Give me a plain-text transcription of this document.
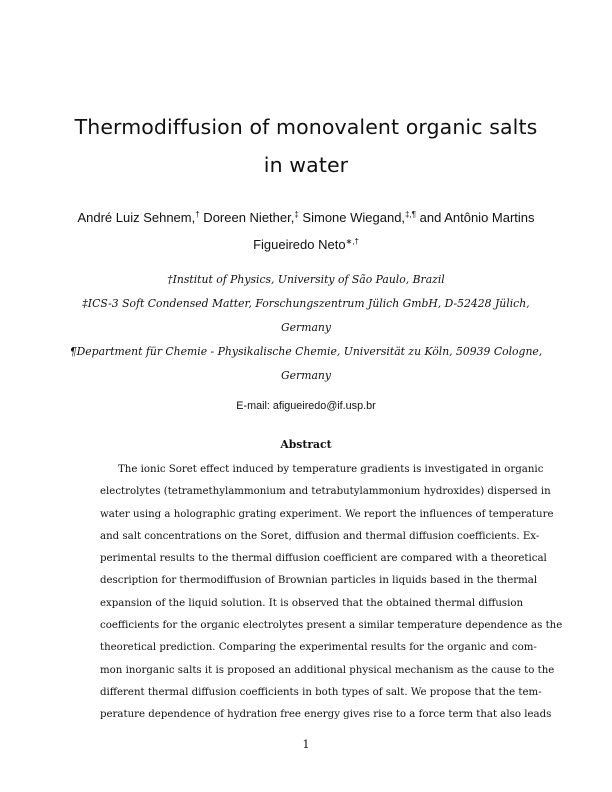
Thermodiffusion of monovalent organic salts
in water
André Luiz Sehnem,† Doreen Niether,‡ Simone Wiegand,‡,¶ and Antônio Martins
Figueiredo Neto∗,†
†Institut of Physics, University of São Paulo, Brazil
‡ICS-3 Soft Condensed Matter, Forschungszentrum Jülich GmbH, D-52428 Jülich,
Germany
¶Department für Chemie - Physikalische Chemie, Universität zu Köln, 50939 Cologne,
Germany
E-mail: afigueiredo@if.usp.br
Abstract
The ionic Soret effect induced by temperature gradients is investigated in organic
electrolytes (tetramethylammonium and tetrabutylammonium hydroxides) dispersed in
water using a holographic grating experiment. We report the influences of temperature
and salt concentrations on the Soret, diffusion and thermal diffusion coefficients. Ex-
perimental results to the thermal diffusion coefficient are compared with a theoretical
description for thermodiffusion of Brownian particles in liquids based in the thermal
expansion of the liquid solution. It is observed that the obtained thermal diffusion
coefficients for the organic electrolytes present a similar temperature dependence as the
theoretical prediction. Comparing the experimental results for the organic and com-
mon inorganic salts it is proposed an additional physical mechanism as the cause to the
different thermal diffusion coefficients in both types of salt. We propose that the tem-
perature dependence of hydration free energy gives rise to a force term that also leads
1
